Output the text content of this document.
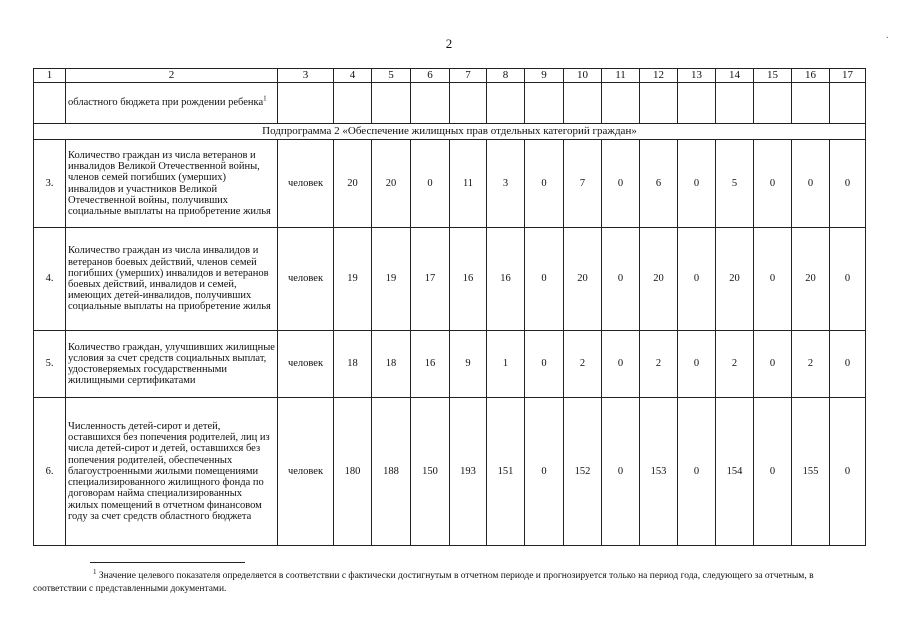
2
.
1	2	3	4	5	6	7	8	9	10	11	12	13	14	15	16	17
	областного бюджета при рождении ребенка$^1$															
Подпрограмма 2 «Обеспечение жилищных прав отдельных категорий граждан»																
3.	Количество граждан из числа ветеранов и инвалидов Великой Отечественной войны, членов семей погибших (умерших) инвалидов и участников Великой Отечественной войны, получивших социальные выплаты на приобретение жилья	человек	20	20	0	11	3	0	7	0	6	0	5	0	0	0
4.	Количество граждан из числа инвалидов и ветеранов боевых действий, членов семей погибших (умерших) инвалидов и ветеранов боевых действий, инвалидов и семей, имеющих детей-инвалидов, получивших социальные выплаты на приобретение жилья	человек	19	19	17	16	16	0	20	0	20	0	20	0	20	0
5.	Количество граждан, улучшивших жилищные условия за счет средств социальных выплат, удостоверяемых государственными жилищными сертификатами	человек	18	18	16	9	1	0	2	0	2	0	2	0	2	0
6.	Численность детей-сирот и детей, оставшихся без попечения родителей, лиц из числа детей-сирот и детей, оставшихся без попечения родителей, обеспеченных благоустроенными жилыми помещениями специализированного жилищного фонда по договорам найма специализированных жилых помещений в отчетном финансовом году за счет средств областного бюджета	человек	180	188	150	193	151	0	152	0	153	0	154	0	155	0
$^1$ Значение целевого показателя определяется в соответствии с фактически достигнутым в отчетном периоде и прогнозируется только на период года, следующего за отчетным, в соответствии с представленными документами.
